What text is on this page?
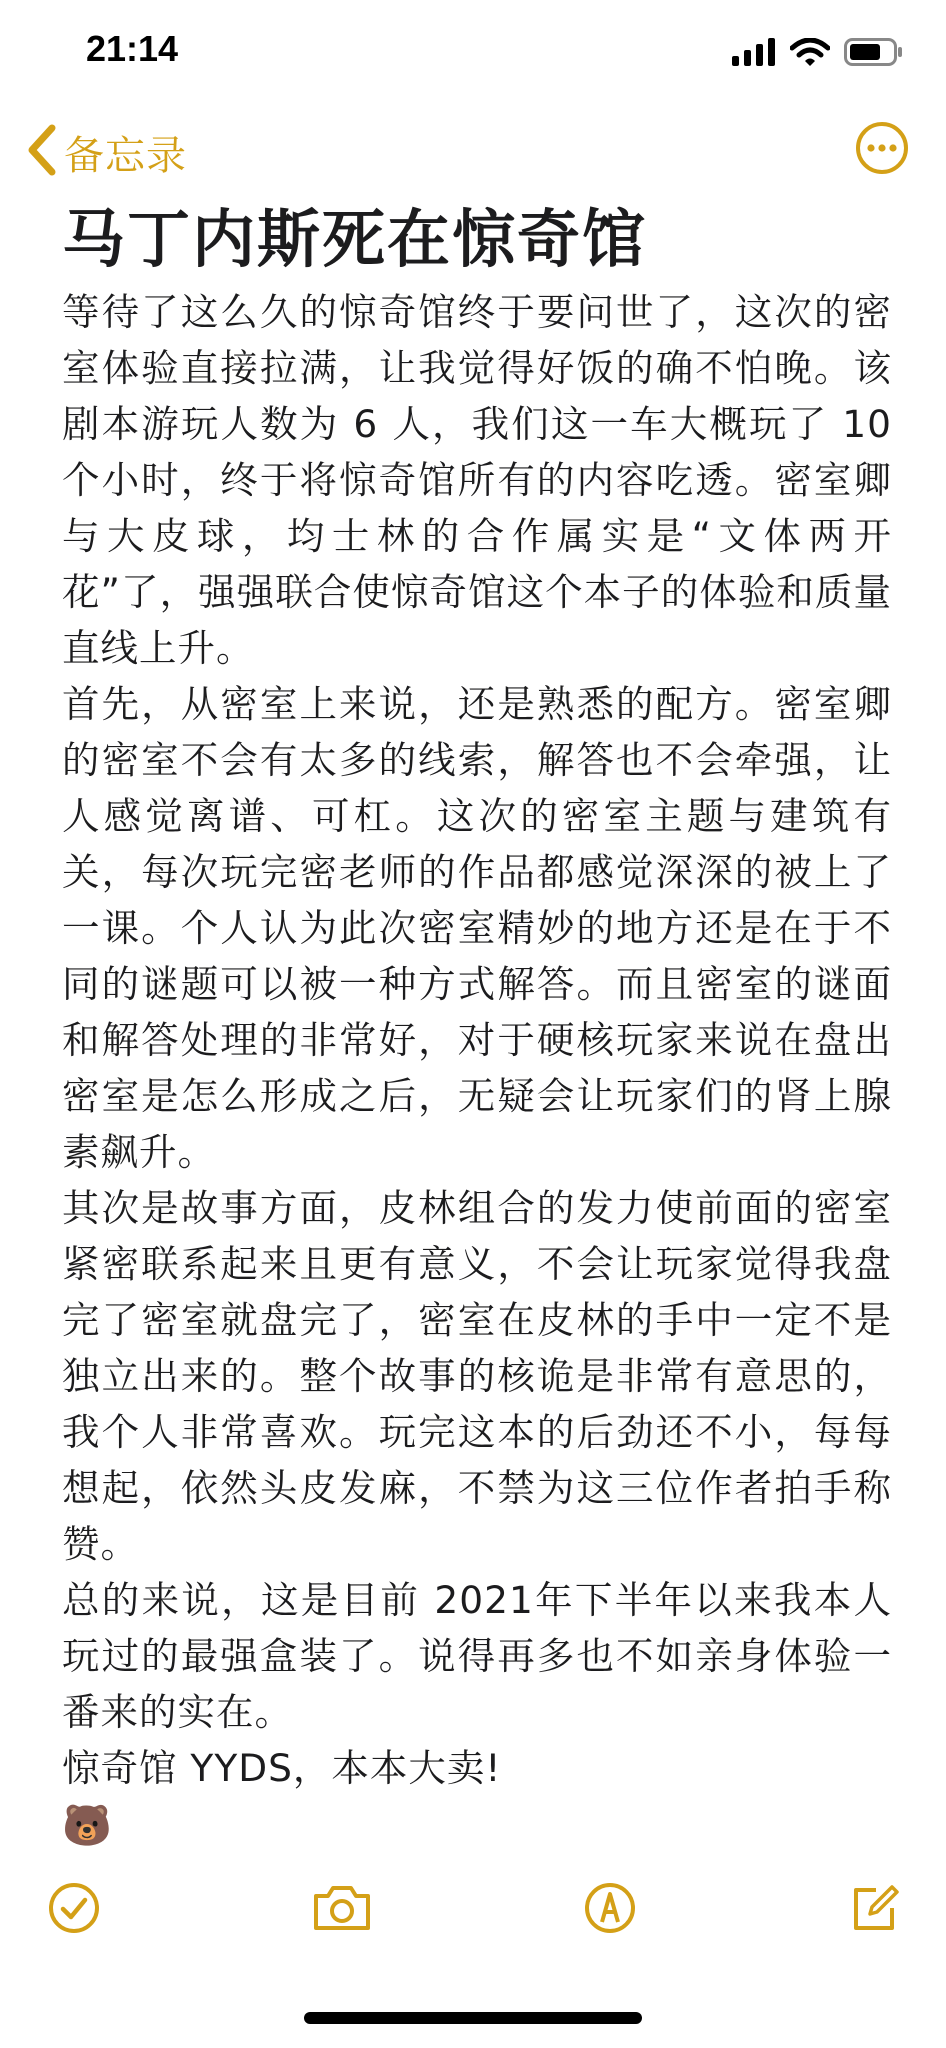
21:14
备忘录
马丁内斯死在惊奇馆

等待了这么久的惊奇馆终于要问世了，这次的密室体验直接拉满，让我觉得好饭的确不怕晚。该剧本游玩人数为 6 人，我们这一车大概玩了 10 个小时，终于将惊奇馆所有的内容吃透。密室卿与大皮球，均士林的合作属实是“文体两开花”了，强强联合使惊奇馆这个本子的体验和质量直线上升。

首先，从密室上来说，还是熟悉的配方。密室卿的密室不会有太多的线索，解答也不会牵强，让人感觉离谱、可杠。这次的密室主题与建筑有关，每次玩完密老师的作品都感觉深深的被上了一课。个人认为此次密室精妙的地方还是在于不同的谜题可以被一种方式解答。而且密室的谜面和解答处理的非常好，对于硬核玩家来说在盘出密室是怎么形成之后，无疑会让玩家们的肾上腺素飙升。

其次是故事方面，皮林组合的发力使前面的密室紧密联系起来且更有意义，不会让玩家觉得我盘完了密室就盘完了，密室在皮林的手中一定不是独立出来的。整个故事的核诡是非常有意思的，我个人非常喜欢。玩完这本的后劲还不小，每每想起，依然头皮发麻，不禁为这三位作者拍手称赞。

总的来说，这是目前 2021年下半年以来我本人玩过的最强盒装了。说得再多也不如亲身体验一番来的实在。

惊奇馆 YYDS，本本大卖!

🐻
